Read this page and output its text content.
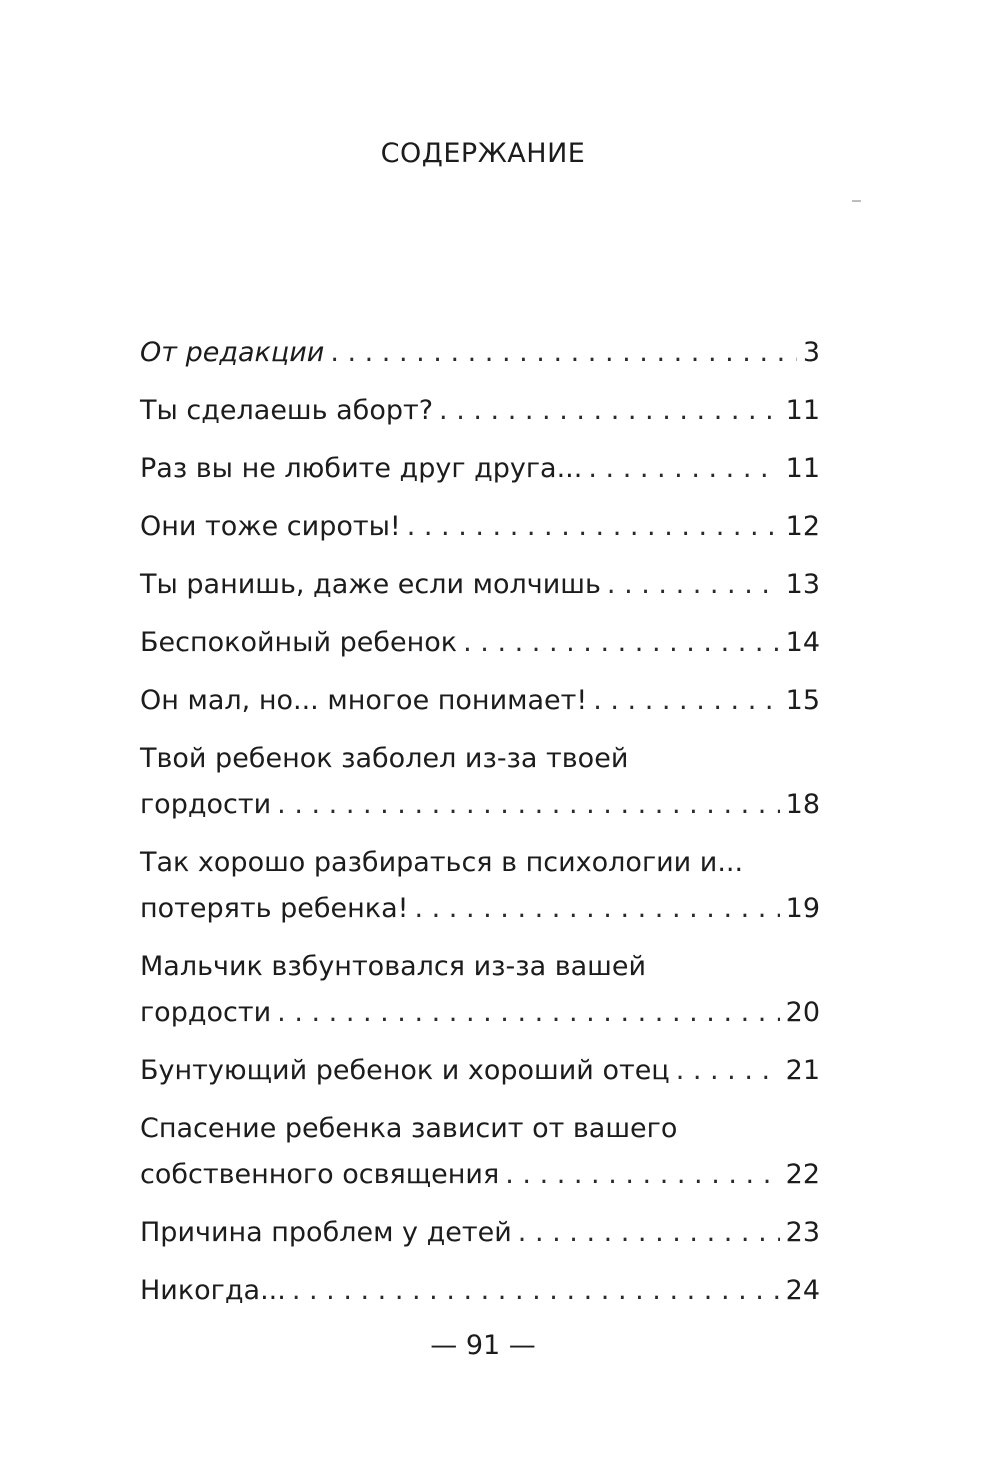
СОДЕРЖАНИЕ
От редакции . . .	3
Ты сделаешь аборт? . . .	11
Раз вы не любите друг друга... . . .	11
Они тоже сироты! . . .	12
Ты ранишь, даже если молчишь . . .	13
Беспокойный ребенок . . .	14
Он мал, но... многое понимает! . . .	15
Твой ребенок заболел из-за твоей
гордости . . .	18
Так хорошо разбираться в психологии и...
потерять ребенка! . . .	19
Мальчик взбунтовался из-за вашей
гордости . . .	20
Бунтующий ребенок и хороший отец . . .	21
Спасение ребенка зависит от вашего
собственного освящения . . .	22
Причина проблем у детей . . .	23
Никогда... . . .	24
— 91 —
